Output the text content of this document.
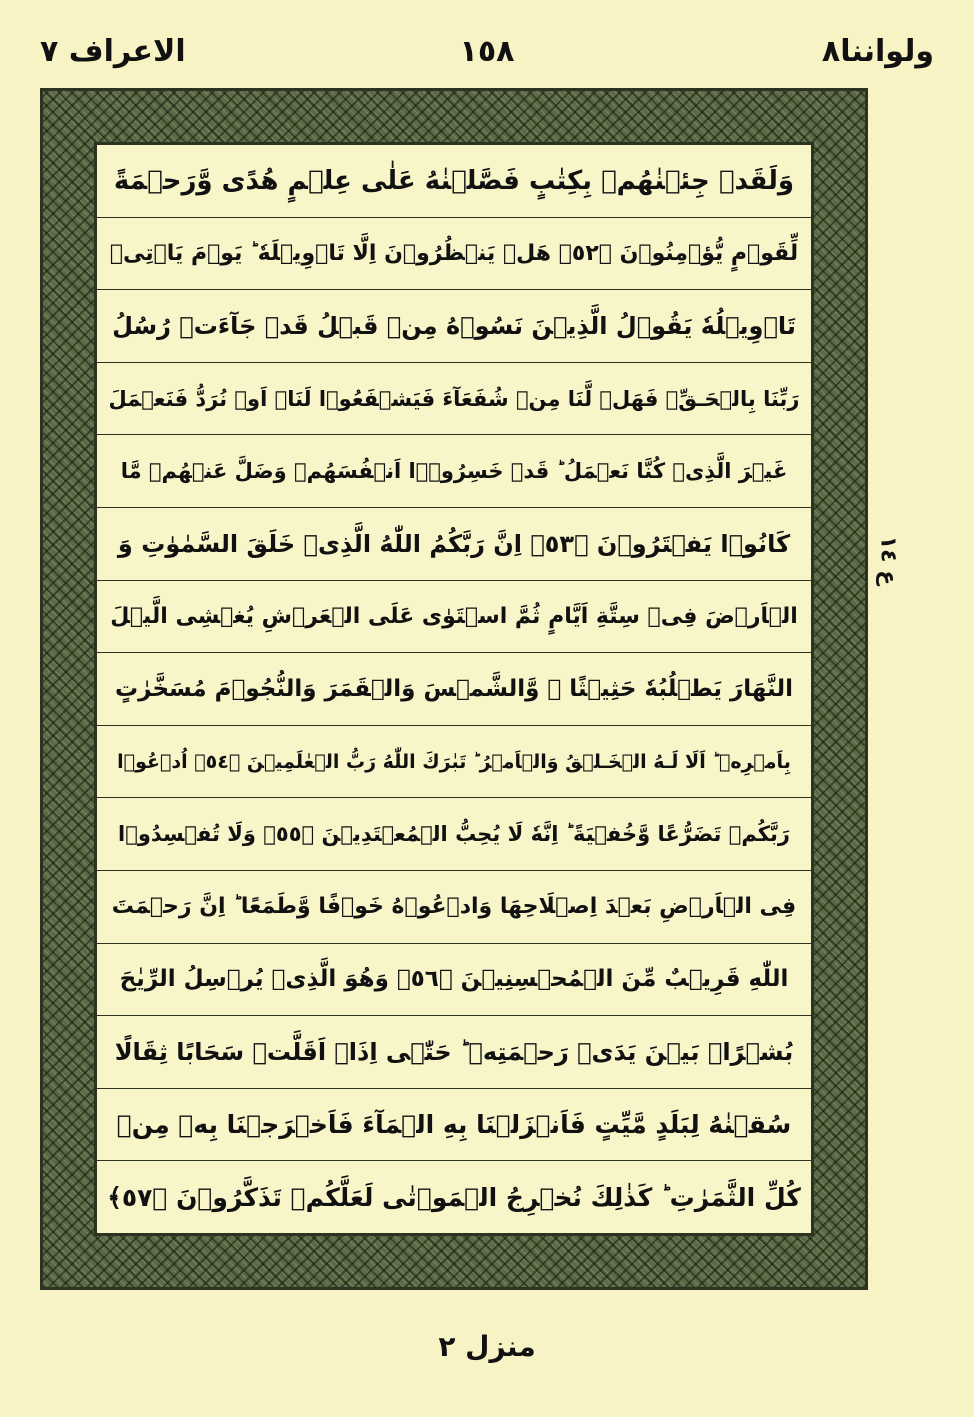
ولواننا٨
١٥٨
الاعراف ٧
وَلَقَدۡ جِئۡنٰهُمۡ بِكِتٰبٍ فَصَّلۡنٰهُ عَلٰى عِلۡمٍ هُدًى وَّرَحۡمَةً
لِّقَوۡمٍ يُّؤۡمِنُوۡنَ ﴿٥٢﴾ هَلۡ يَنۡظُرُوۡنَ اِلَّا تَاۡوِيۡلَهٗ ؕ يَوۡمَ يَاۡتِىۡ
تَاۡوِيۡلُهٗ يَقُوۡلُ الَّذِيۡنَ نَسُوۡهُ مِنۡ قَبۡلُ قَدۡ جَآءَتۡ رُسُلُ
رَبِّنَا بِالۡحَـقِّ‌ۚ فَهَلۡ لَّنَا مِنۡ شُفَعَآءَ فَيَشۡفَعُوۡا لَنَاۤ اَوۡ نُرَدُّ فَنَعۡمَلَ
غَيۡرَ الَّذِىۡ كُنَّا نَعۡمَلُ‌ ؕ قَدۡ خَسِرُوۡۤا اَنۡفُسَهُمۡ وَضَلَّ عَنۡهُمۡ مَّا
كَانُوۡا يَفۡتَرُوۡنَ ﴿٥٣﴾ اِنَّ رَبَّكُمُ اللّٰهُ الَّذِىۡ خَلَقَ السَّمٰوٰتِ وَ
الۡاَرۡضَ فِىۡ سِتَّةِ اَيَّامٍ ثُمَّ اسۡتَوٰى عَلَى الۡعَرۡشِ يُغۡشِى الَّيۡلَ
النَّهَارَ يَطۡلُبُهٗ حَثِيۡثًا ۙ وَّالشَّمۡسَ وَالۡقَمَرَ وَالنُّجُوۡمَ مُسَخَّرٰتٍ
بِاَمۡرِهٖ ؕ اَلَا لَـهُ الۡخَـلۡقُ وَالۡاَمۡرُ‌ ؕ تَبٰرَكَ اللّٰهُ رَبُّ الۡعٰلَمِيۡنَ ﴿٥٤﴾ اُدۡعُوۡا
رَبَّكُمۡ تَضَرُّعًا وَّخُفۡيَةً‌ ؕ اِنَّهٗ لَا يُحِبُّ الۡمُعۡتَدِيۡنَ ﴿٥٥﴾ وَلَا تُفۡسِدُوۡا
فِى الۡاَرۡضِ بَعۡدَ اِصۡلَاحِهَا وَادۡعُوۡهُ خَوۡفًا وَّطَمَعًا‌ ؕ اِنَّ رَحۡمَتَ
اللّٰهِ قَرِيۡبٌ مِّنَ الۡمُحۡسِنِيۡنَ ﴿٥٦﴾ وَهُوَ الَّذِىۡ يُرۡسِلُ الرِّيٰحَ
بُشۡرًاۢ بَيۡنَ يَدَىۡ رَحۡمَتِهٖ ‌ؕ حَتّٰۤى اِذَاۤ اَقَلَّتۡ سَحَابًا ثِقَالًا
سُقۡنٰهُ لِبَلَدٍ مَّيِّتٍ فَاَنۡزَلۡنَا بِهِ الۡمَآءَ فَاَخۡرَجۡنَا بِهٖ مِنۡ
كُلِّ الثَّمَرٰتِ‌ ؕ كَذٰلِكَ نُخۡرِجُ الۡمَوۡتٰى لَعَلَّكُمۡ تَذَكَّرُوۡنَ ﴿٥٧﴾
ع ١٤
منزل ٢
